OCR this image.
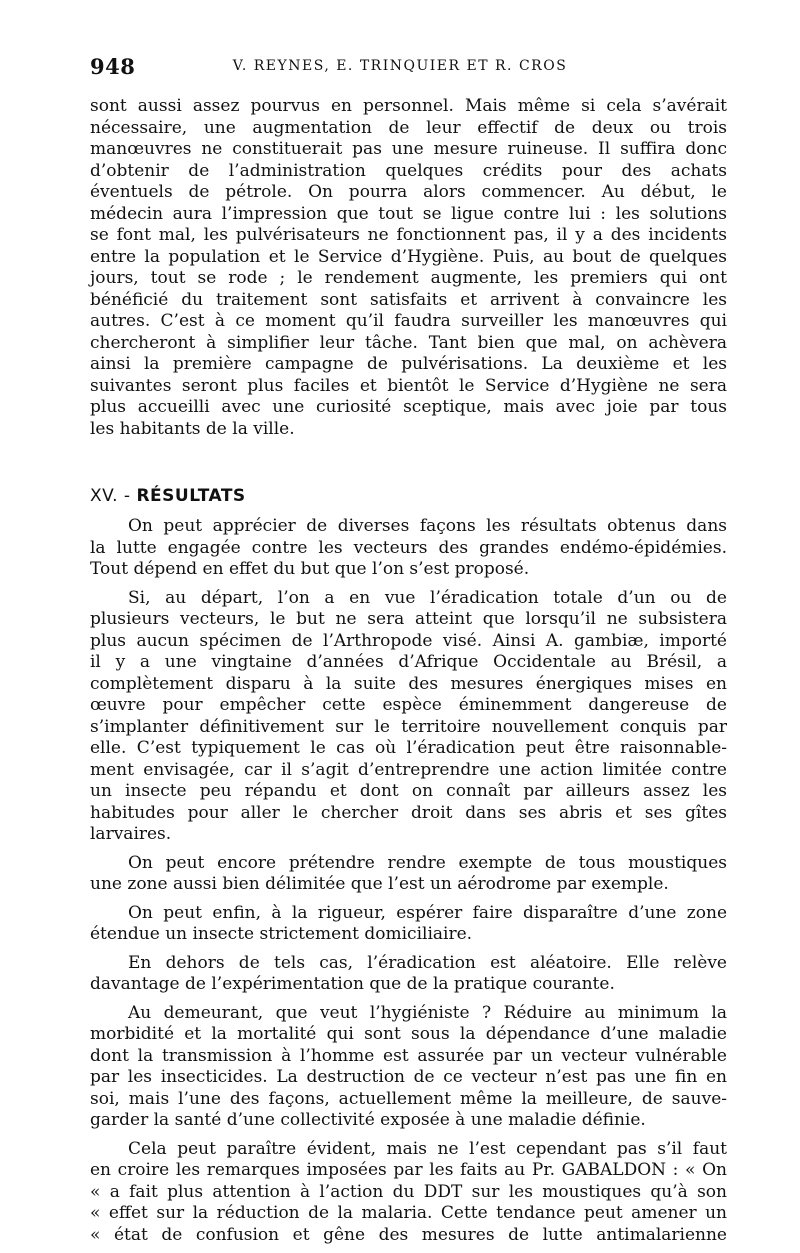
948	V. REYNES, E. TRINQUIER ET R. CROS
sont aussi assez pourvus en personnel. Mais même si cela s’avérait
nécessaire, une augmentation de leur effectif de deux ou trois
manœuvres ne constituerait pas une mesure ruineuse. Il suffira donc
d’obtenir de l’administration quelques crédits pour des achats
éventuels de pétrole. On pourra alors commencer. Au début, le
médecin aura l’impression que tout se ligue contre lui : les solutions
se font mal, les pulvérisateurs ne fonctionnent pas, il y a des incidents
entre la population et le Service d’Hygiène. Puis, au bout de quelques
jours, tout se rode ; le rendement augmente, les premiers qui ont
bénéficié du traitement sont satisfaits et arrivent à convaincre les
autres. C’est à ce moment qu’il faudra surveiller les manœuvres qui
chercheront à simplifier leur tâche. Tant bien que mal, on achèvera
ainsi la première campagne de pulvérisations. La deuxième et les
suivantes seront plus faciles et bientôt le Service d’Hygiène ne sera
plus accueilli avec une curiosité sceptique, mais avec joie par tous
les habitants de la ville.
XV. - RÉSULTATS
On peut apprécier de diverses façons les résultats obtenus dans
la lutte engagée contre les vecteurs des grandes endémo-épidémies.
Tout dépend en effet du but que l’on s’est proposé.
Si, au départ, l’on a en vue l’éradication totale d’un ou de
plusieurs vecteurs, le but ne sera atteint que lorsqu’il ne subsistera
plus aucun spécimen de l’Arthropode visé. Ainsi A. gambiæ, importé
il y a une vingtaine d’années d’Afrique Occidentale au Brésil, a
complètement disparu à la suite des mesures énergiques mises en
œuvre pour empêcher cette espèce éminemment dangereuse de
s’implanter définitivement sur le territoire nouvellement conquis par
elle. C’est typiquement le cas où l’éradication peut être raisonnable-
ment envisagée, car il s’agit d’entreprendre une action limitée contre
un insecte peu répandu et dont on connaît par ailleurs assez les
habitudes pour aller le chercher droit dans ses abris et ses gîtes
larvaires.
On peut encore prétendre rendre exempte de tous moustiques
une zone aussi bien délimitée que l’est un aérodrome par exemple.
On peut enfin, à la rigueur, espérer faire disparaître d’une zone
étendue un insecte strictement domiciliaire.
En dehors de tels cas, l’éradication est aléatoire. Elle relève
davantage de l’expérimentation que de la pratique courante.
Au demeurant, que veut l’hygiéniste ? Réduire au minimum la
morbidité et la mortalité qui sont sous la dépendance d’une maladie
dont la transmission à l’homme est assurée par un vecteur vulnérable
par les insecticides. La destruction de ce vecteur n’est pas une fin en
soi, mais l’une des façons, actuellement même la meilleure, de sauve-
garder la santé d’une collectivité exposée à une maladie définie.
Cela peut paraître évident, mais ne l’est cependant pas s’il faut
en croire les remarques imposées par les faits au Pr. GABALDON : « On
« a fait plus attention à l’action du DDT sur les moustiques qu’à son
« effet sur la réduction de la malaria. Cette tendance peut amener un
« état de confusion et gêne des mesures de lutte antimalarienne
